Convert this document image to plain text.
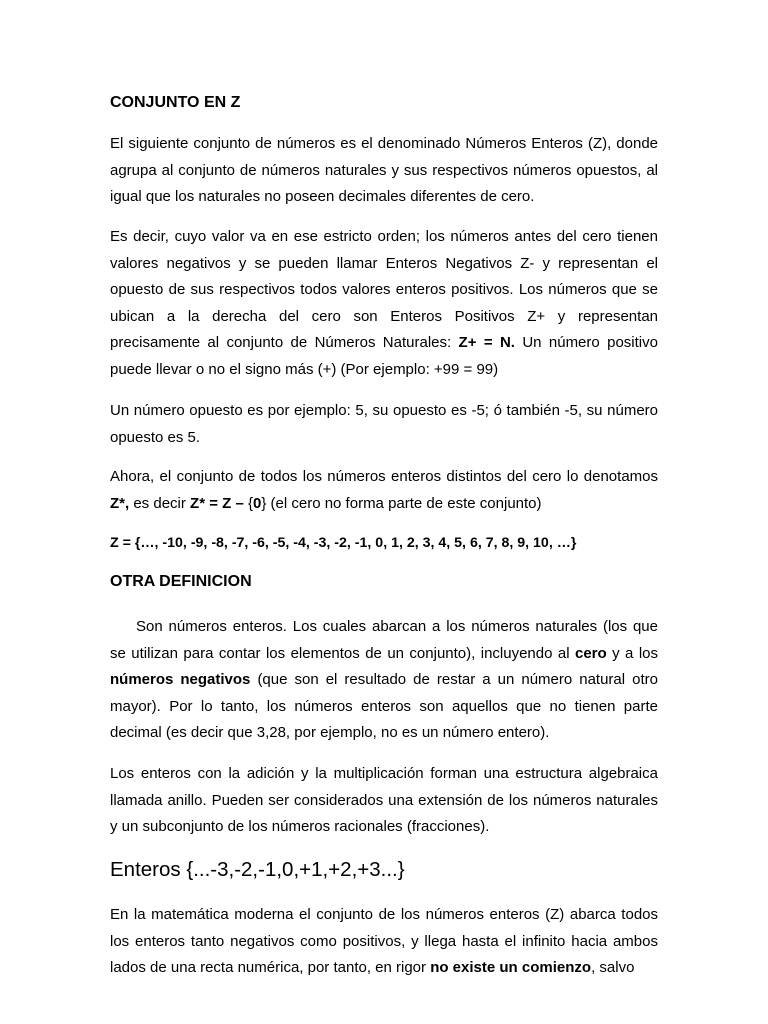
CONJUNTO EN Z

El siguiente conjunto de números es el denominado Números Enteros (Z), donde agrupa al conjunto de números naturales y sus respectivos números opuestos, al igual que los naturales no poseen decimales diferentes de cero.

Es decir, cuyo valor va en ese estricto orden; los números antes del cero tienen valores negativos y se pueden llamar Enteros Negativos Z- y representan el opuesto de sus respectivos todos valores enteros positivos. Los números que se ubican a la derecha del cero son Enteros Positivos Z+ y representan precisamente al conjunto de Números Naturales: Z+ = N. Un número positivo puede llevar o no el signo más (+) (Por ejemplo: +99 = 99)

Un número opuesto es por ejemplo: 5, su opuesto es -5; ó también -5, su número opuesto es 5.

Ahora, el conjunto de todos los números enteros distintos del cero lo denotamos Z*, es decir Z* = Z – {0} (el cero no forma parte de este conjunto)

Z = {…, -10, -9, -8, -7, -6, -5, -4, -3, -2, -1, 0, 1, 2, 3, 4, 5, 6, 7, 8, 9, 10, …}
OTRA DEFINICION

Son números enteros. Los cuales abarcan a los números naturales (los que se utilizan para contar los elementos de un conjunto), incluyendo al cero y a los números negativos (que son el resultado de restar a un número natural otro mayor). Por lo tanto, los números enteros son aquellos que no tienen parte decimal (es decir que 3,28, por ejemplo, no es un número entero).

Los enteros con la adición y la multiplicación forman una estructura algebraica llamada anillo. Pueden ser considerados una extensión de los números naturales y un subconjunto de los números racionales (fracciones).

Enteros {...-3,-2,-1,0,+1,+2,+3...}

En la matemática moderna el conjunto de los números enteros (Z) abarca todos los enteros tanto negativos como positivos, y llega hasta el infinito hacia ambos lados de una recta numérica, por tanto, en rigor no existe un comienzo, salvo
